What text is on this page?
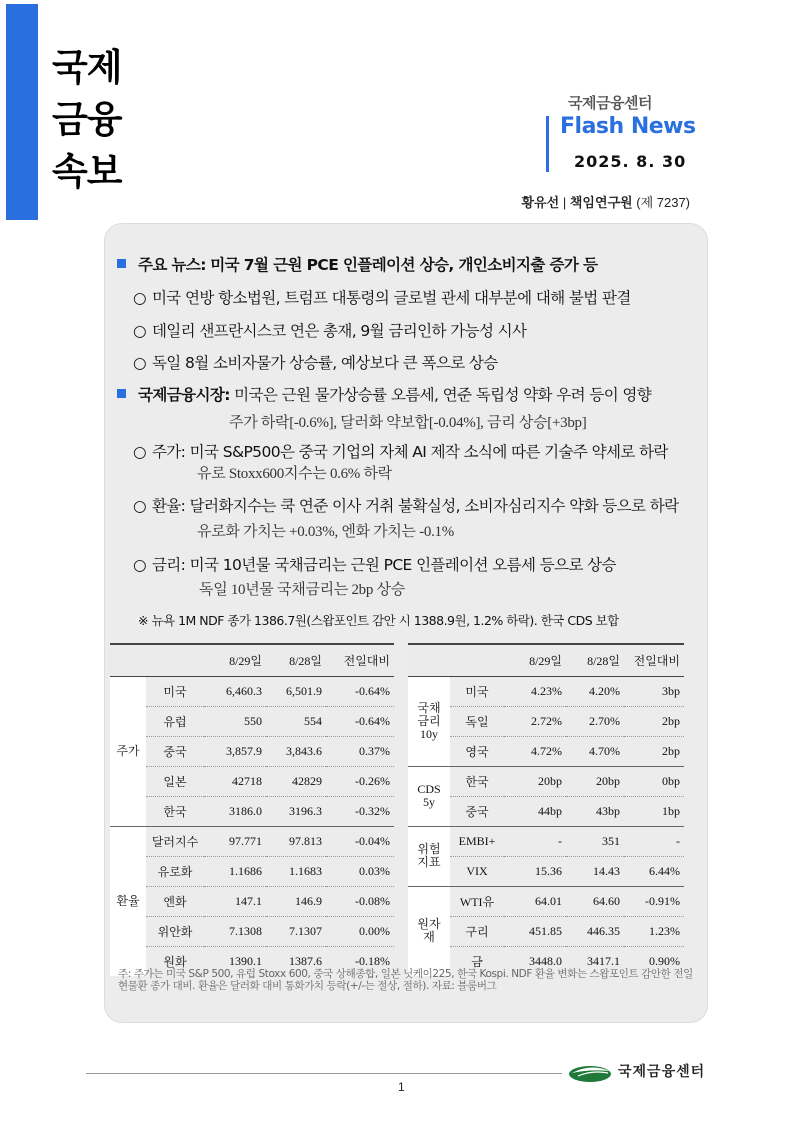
국제
금융
속보
국제금융센터
Flash News
2025. 8. 30
황유선 | 책임연구원 (제 7237)
주요 뉴스: 미국 7월 근원 PCE 인플레이션 상승, 개인소비지출 증가 등
○ 미국 연방 항소법원, 트럼프 대통령의 글로벌 관세 대부분에 대해 불법 판결
○ 데일리 샌프란시스코 연은 총재, 9월 금리인하 가능성 시사
○ 독일 8월 소비자물가 상승률, 예상보다 큰 폭으로 상승
국제금융시장: 미국은 근원 물가상승률 오름세, 연준 독립성 약화 우려 등이 영향
주가 하락[-0.6%], 달러화 약보합[-0.04%], 금리 상승[+3bp]
○ 주가: 미국 S&P500은 중국 기업의 자체 AI 제작 소식에 따른 기술주 약세로 하락
유로 Stoxx600지수는 0.6% 하락
○ 환율: 달러화지수는 쿡 연준 이사 거취 불확실성, 소비자심리지수 약화 등으로 하락
유로화 가치는 +0.03%, 엔화 가치는 -0.1%
○ 금리: 미국 10년물 국채금리는 근원 PCE 인플레이션 오름세 등으로 상승
독일 10년물 국채금리는 2bp 상승
※ 뉴욕 1M NDF 종가 1386.7원(스왑포인트 감안 시 1388.9원, 1.2% 하락). 한국 CDS 보합
		8/29일	8/28일	전일대비
주가	미국	6,460.3	6,501.9	-0.64%
	유럽	550	554	-0.64%
	중국	3,857.9	3,843.6	0.37%
	일본	42718	42829	-0.26%
	한국	3186.0	3196.3	-0.32%
환율	달러지수	97.771	97.813	-0.04%
	유로화	1.1686	1.1683	0.03%
	엔화	147.1	146.9	-0.08%
	위안화	7.1308	7.1307	0.00%
	원화	1390.1	1387.6	-0.18%
		8/29일	8/28일	전일대비
국채
금리
10y	미국	4.23%	4.20%	3bp
	독일	2.72%	2.70%	2bp
	영국	4.72%	4.70%	2bp
CDS
5y	한국	20bp	20bp	0bp
	중국	44bp	43bp	1bp
위험
지표	EMBI+	-	351	-
	VIX	15.36	14.43	6.44%
원자재	WTI유	64.01	64.60	-0.91%
	구리	451.85	446.35	1.23%
	금	3448.0	3417.1	0.90%
주: 주가는 미국 S&P 500, 유럽 Stoxx 600, 중국 상해종합, 일본 닛케이225, 한국 Kospi. NDF 환율 변화는 스왑포인트 감안한 전일 현물환 종가 대비. 환율은 달러화 대비 통화가치 등락(+/-는 절상, 절하). 자료: 블룸버그
국제금융센터
1
